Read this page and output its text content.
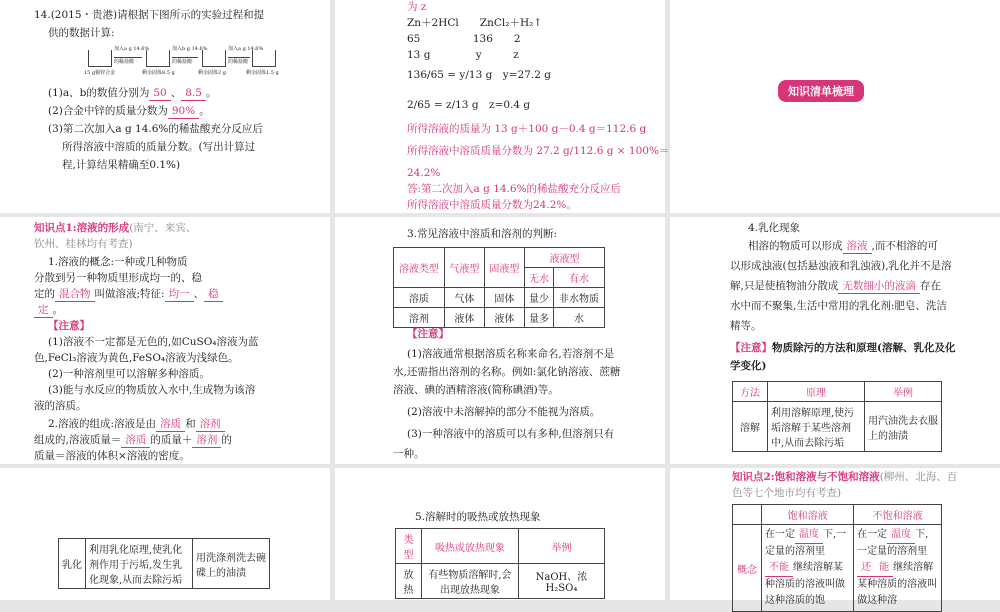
14.(2015・贵港)请根据下图所示的实验过程和提
供的数据计算:
加入a g 14.6%
的稀盐酸
加入b g 14.6%
的稀盐酸
加入a g 14.6%
的稀盐酸
15 g铜锌合金	剩余固体8.5 g	剩余固体2 g	剩余固体1.5 g
(1)a、b的数值分别为 50 、 8.5 。
(2)合金中锌的质量分数为 90% 。
(3)第二次加入a g 14.6%的稀盐酸充分反应后
所得溶液中溶质的质量分数。(写出计算过
程,计算结果精确至0.1%)
为 z
Zn＋2HCl　　ZnCl₂＋H₂↑
65　　　　　136　　2
13 g　　　　 y　　　z
136/65 = y/13 g　y=27.2 g
2/65 = z/13 g　z=0.4 g
所得溶液的质量为 13 g＋100 g－0.4 g＝112.6 g
所得溶液中溶质质量分数为 27.2 g/112.6 g × 100%＝
24.2%
答:第二次加入a g 14.6%的稀盐酸充分反应后
所得溶液中溶质质量分数为24.2%。
知识清单梳理
知识点1:溶液的形成(南宁、来宾、
钦州、桂林均有考查)
1.溶液的概念:一种或几种物质
分散到另一种物质里形成均一的、稳
定的 混合物 叫做溶液;特征: 均一 、 稳
定 。
【注意】
(1)溶液不一定都是无色的,如CuSO₄溶液为蓝
色,FeCl₃溶液为黄色,FeSO₄溶液为浅绿色。
(2)一种溶剂里可以溶解多种溶质。
(3)能与水反应的物质放入水中,生成物为该溶
液的溶质。
2.溶液的组成:溶液是由 溶质 和 溶剂
组成的,溶液质量＝ 溶质 的质量＋ 溶剂 的
质量＝溶液的体积×溶液的密度。
3.常见溶液中溶质和溶剂的判断:
溶液类型	气液型	固液型	液液型	
			无水	有水
溶质	气体	固体	量少	非水物质
溶剂	液体	液体	量多	水
【注意】
(1)溶液通常根据溶质名称来命名,若溶剂不是
水,还需指出溶剂的名称。例如:氯化钠溶液、蔗糖
溶液、碘的酒精溶液(简称碘酒)等。
(2)溶液中未溶解掉的部分不能视为溶质。
(3)一种溶液中的溶质可以有多种,但溶剂只有
一种。
4.乳化现象
相溶的物质可以形成 溶液 ,而不相溶的可
以形成浊液(包括悬浊液和乳浊液),乳化并不是溶
解,只是使植物油分散成 无数细小的液滴 存在
水中而不聚集,生活中常用的乳化剂:肥皂、洗洁
精等。
【注意】物质除污的方法和原理(溶解、乳化及化
学变化)
方法	原理	举例
溶解	利用溶解原理,使污垢溶解于某些溶剂中,从而去除污垢	用汽油洗去衣服上的油渍
乳化	利用乳化原理,使乳化剂作用于污垢,发生乳化现象,从而去除污垢	用洗涤剂洗去碗碟上的油渍
5.溶解时的吸热或放热现象
类型	吸热或放热现象	举例
放热	有些物质溶解时,会出现放热现象	NaOH、浓H₂SO₄
知识点2:饱和溶液与不饱和溶液(柳州、北海、百
色等七个地市均有考查)
	饱和溶液	不饱和溶液
概念	在一定 温度 下,一定量的溶剂里不能 继续溶解某种溶质的溶液叫做这种溶质的饱	在一定 温度 下,一定量的溶剂里还 能 继续溶解某种溶质的溶液叫做这种溶
